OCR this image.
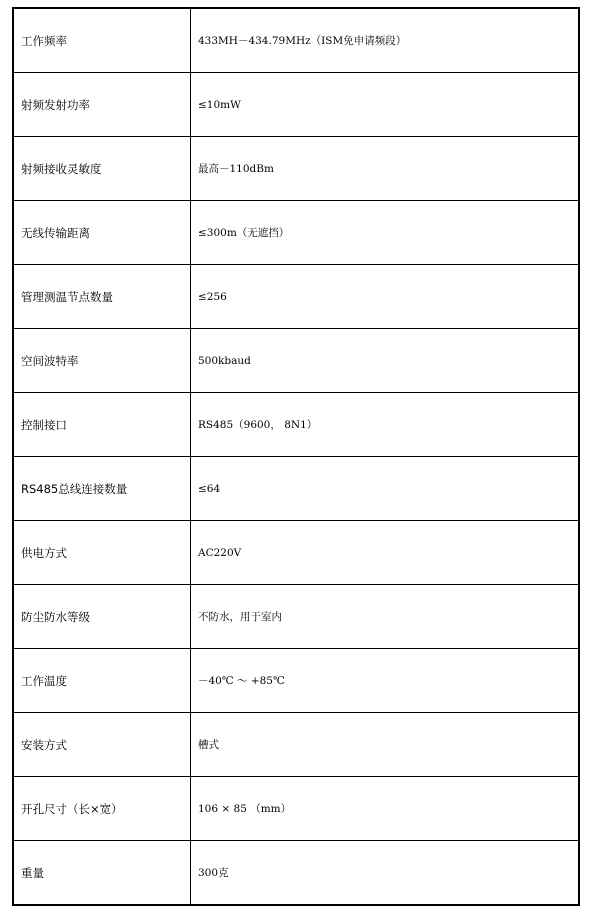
工作频率	433MH－434.79MHz（ISM免申请频段）
射频发射功率	≤10mW
射频接收灵敏度	最高－110dBm
无线传输距离	≤300m（无遮挡）
管理测温节点数量	≤256
空间波特率	500kbaud
控制接口	RS485（9600， 8N1）
RS485总线连接数量	≤64
供电方式	AC220V
防尘防水等级	不防水，用于室内
工作温度	－40℃ ～ +85℃
安装方式	槽式
开孔尺寸（长×宽）	106 × 85 （mm）
重量	300克
